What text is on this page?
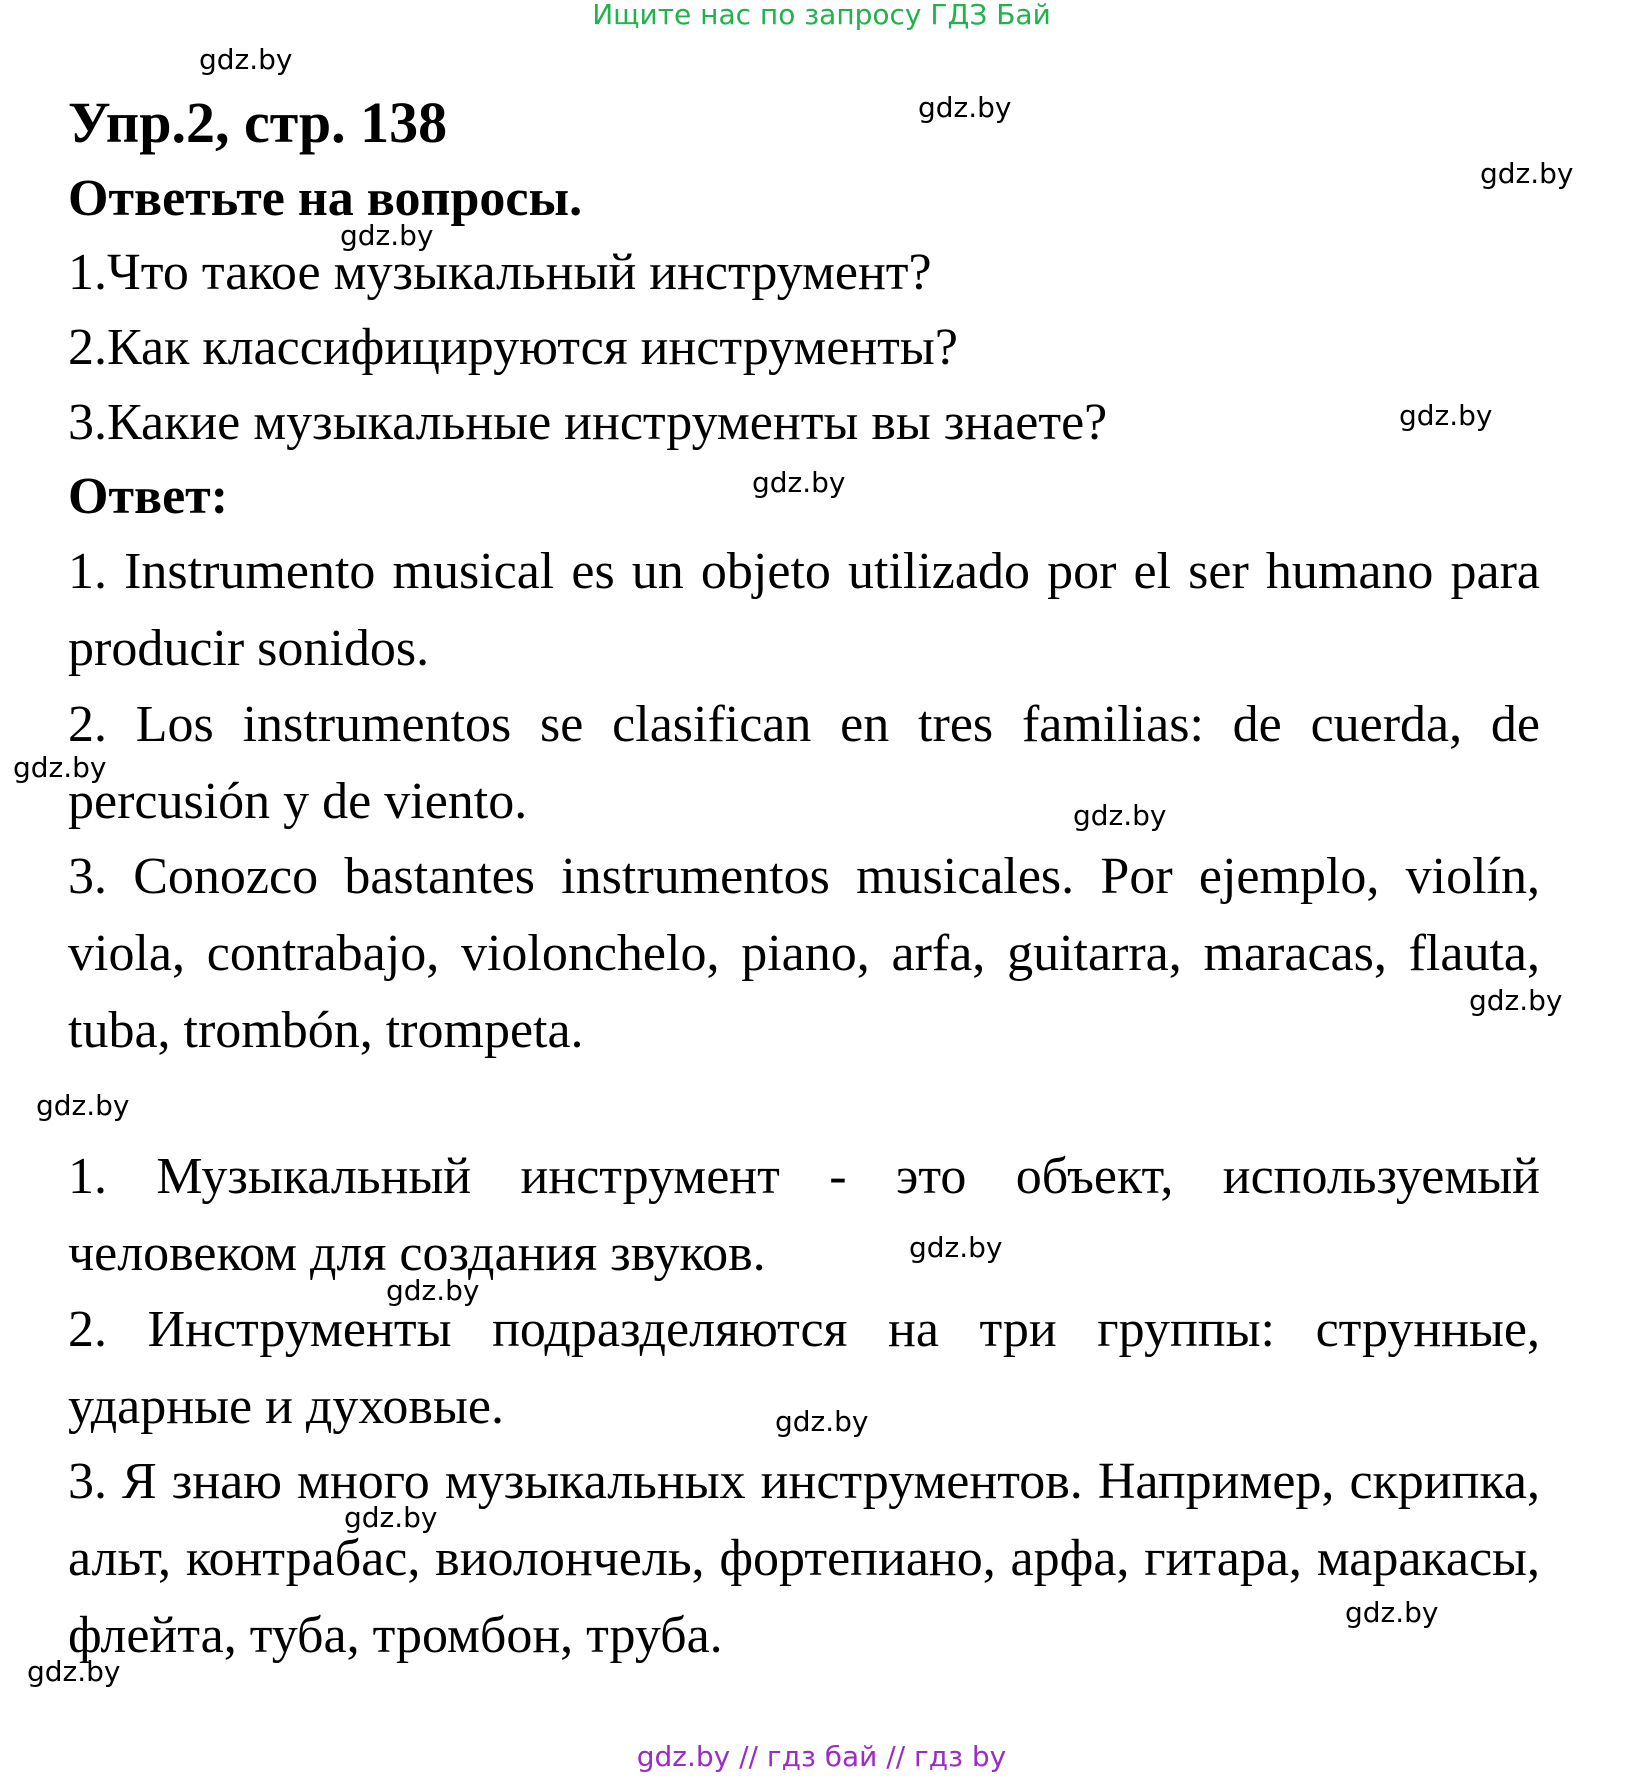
Ищите нас по запросу ГДЗ Бай
gdz.by
gdz.by
gdz.by
gdz.by
gdz.by
gdz.by
gdz.by
gdz.by
gdz.by
gdz.by
gdz.by
gdz.by
gdz.by
gdz.by
gdz.by
gdz.by
Упр.2, стр. 138
Ответьте на вопросы.
1.Что такое музыкальный инструмент?
2.Как классифицируются инструменты?
3.Какие музыкальные инструменты вы знаете?
Ответ:

1. Instrumento musical es un objeto utilizado por el ser humano para producir sonidos.

2. Los instrumentos se clasifican en tres familias: de cuerda, de percusión y de viento.

3. Conozco bastantes instrumentos musicales. Por ejemplo, violín, viola, contrabajo, violonchelo, piano, arfa, guitarra, maracas, flauta, tuba, trombón, trompeta.

1. Музыкальный инструмент - это объект, используемый человеком для создания звуков.

2. Инструменты подразделяются на три группы: струнные, ударные и духовые.

3. Я знаю много музыкальных инструментов. Например, скрипка, альт, контрабас, виолончель, фортепиано, арфа, гитара, маракасы, флейта, туба, тромбон, труба.

gdz.by // гдз бай // гдз by
